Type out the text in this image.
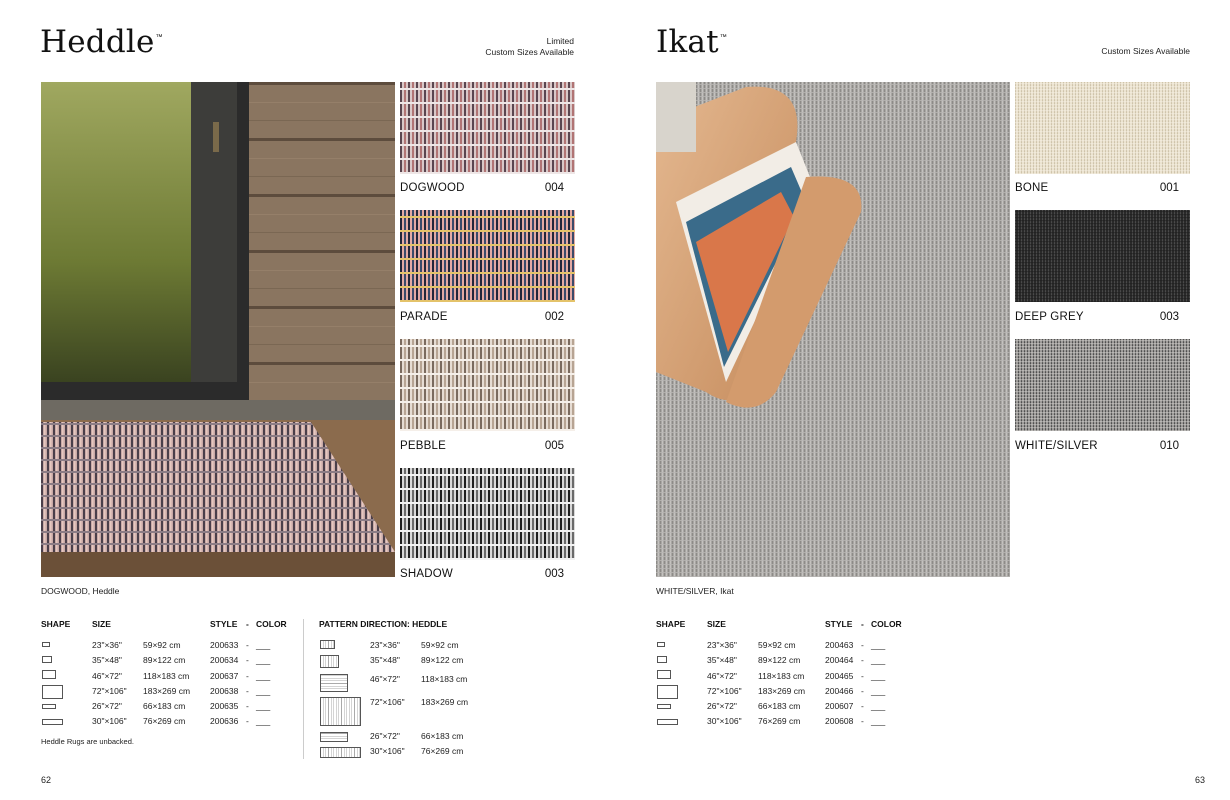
Heddle™	Limited
Custom Sizes Available
DOGWOOD	004
PARADE	002
PEBBLE	005
SHADOW	003
DOGWOOD, Heddle
SHAPE	SIZE	STYLE - COLOR
23"×36" 59×92 cm	200633 - ___
35"×48" 89×122 cm	200634 - ___
46"×72" 118×183 cm 200637 - ___
72"×106" 183×269 cm 200638 - ___
26"×72" 66×183 cm	200635 - ___
30"×106" 76×269 cm	200636 - ___
Heddle Rugs are unbacked.
PATTERN DIRECTION: HEDDLE
23"×36" 59×92 cm
35"×48" 89×122 cm
46"×72" 118×183 cm
72"×106" 183×269 cm
26"×72" 66×183 cm
30"×106" 76×269 cm
62
Ikat™
Custom Sizes Available
BONE	001
DEEP GREY	003
WHITE/SILVER	010
WHITE/SILVER, Ikat
SHAPE	SIZE	STYLE - COLOR
23"×36" 59×92 cm	200463 - ___
35"×48" 89×122 cm	200464 - ___
46"×72" 118×183 cm 200465 - ___
72"×106" 183×269 cm 200466 - ___
26"×72" 66×183 cm	200607 - ___
30"×106" 76×269 cm	200608 - ___
63
